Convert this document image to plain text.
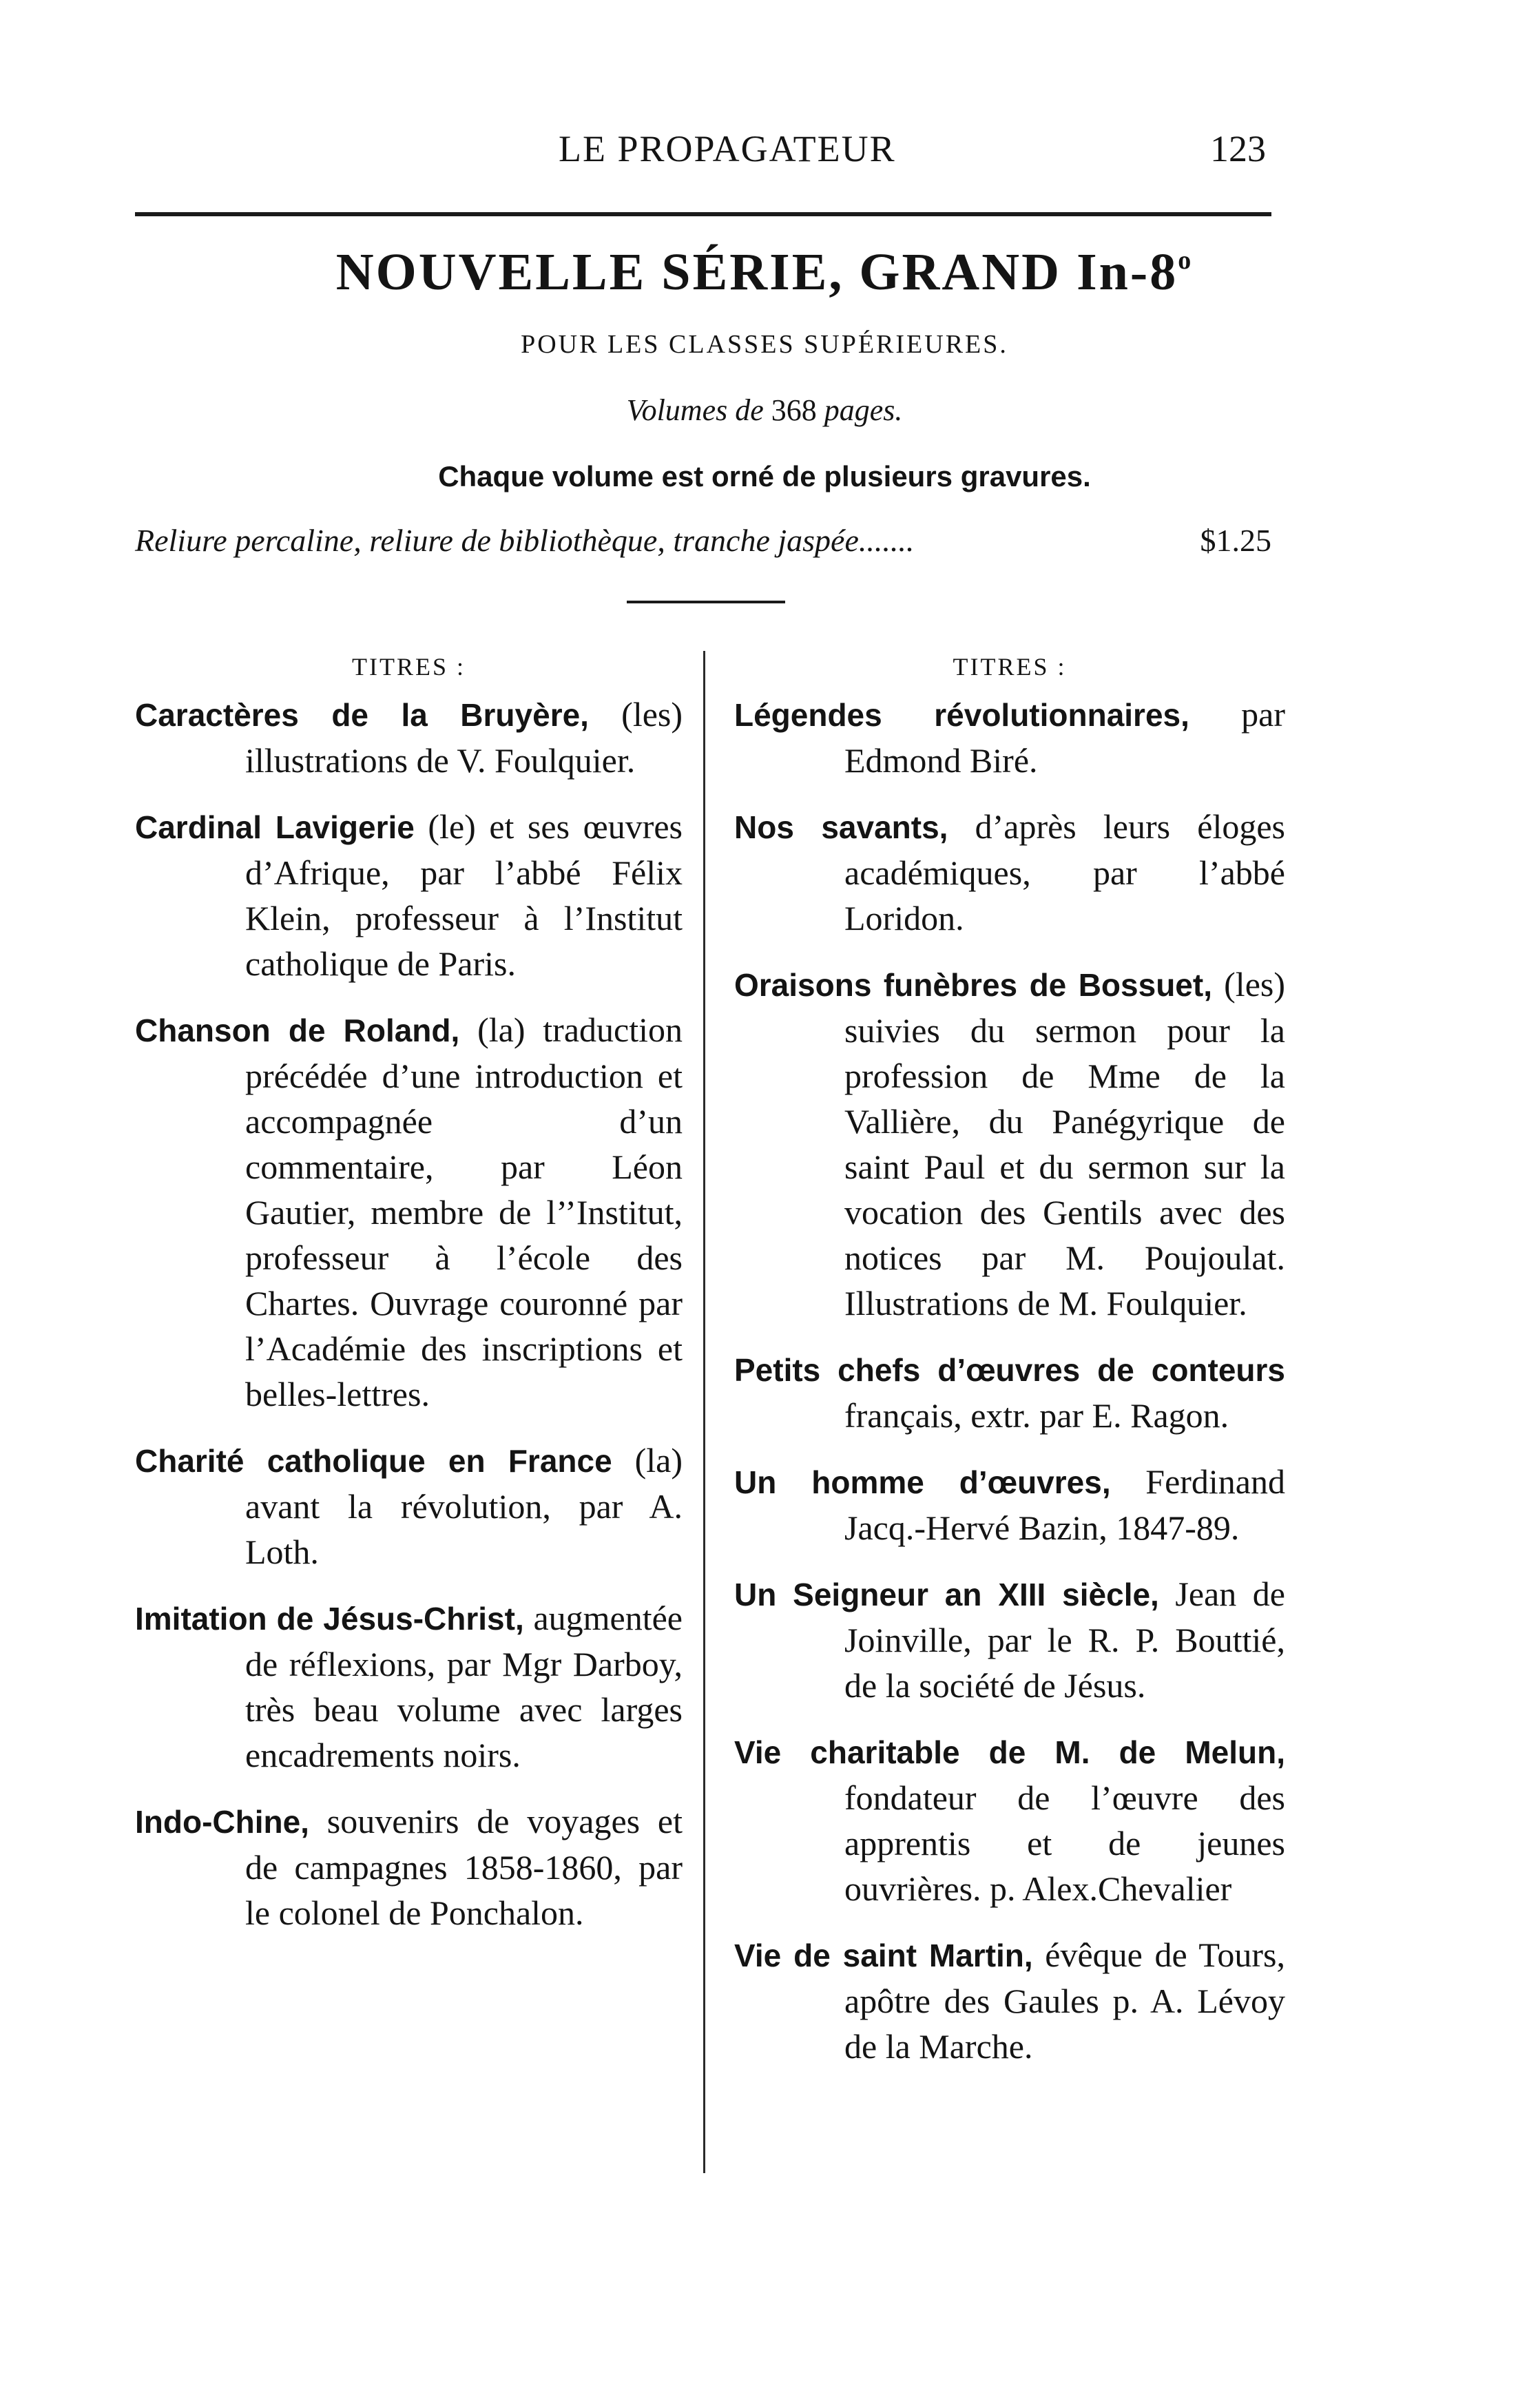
LE PROPAGATEUR	123
NOUVELLE SÉRIE, GRAND In-8$^o$
POUR LES CLASSES SUPÉRIEURES.
Volumes de 368 pages.
Chaque volume est orné de plusieurs gravures.
Reliure percaline, reliure de bibliothèque, tranche jaspée.......	$1.25
TITRES :
Caractères de la Bruyère, (les) illustrations de V. Foulquier.
Cardinal Lavigerie (le) et ses œuvres d’Afrique, par l’abbé Félix Klein, professeur à l’Institut catholique de Paris.
Chanson de Roland, (la) traduction précédée d’une introduction et accompagnée d’un commentaire, par Léon Gautier, membre de l’’Institut, professeur à l’école des Chartes. Ouvrage couronné par l’Académie des inscriptions et belles-lettres.
Charité catholique en France (la) avant la révolution, par A. Loth.
Imitation de Jésus-Christ, augmentée de réflexions, par Mgr Darboy, très beau volume avec larges encadrements noirs.
Indo-Chine, souvenirs de voyages et de campagnes 1858-1860, par le colonel de Ponchalon.
TITRES :
Légendes révolutionnaires, par Edmond Biré.
Nos savants, d’après leurs éloges académiques, par l’abbé Loridon.
Oraisons funèbres de Bossuet, (les) suivies du sermon pour la profession de Mme de la Vallière, du Panégyrique de saint Paul et du sermon sur la vocation des Gentils avec des notices par M. Poujoulat. Illustrations de M. Foulquier.
Petits chefs d’œuvres de conteurs français, extr. par E. Ragon.
Un homme d’œuvres, Ferdinand Jacq.-Hervé Bazin, 1847-89.
Un Seigneur an XIII siècle, Jean de Joinville, par le R. P. Bouttié, de la société de Jésus.
Vie charitable de M. de Melun, fondateur de l’œuvre des apprentis et de jeunes ouvrières. p. Alex.Chevalier
Vie de saint Martin, évêque de Tours, apôtre des Gaules p. A. Lévoy de la Marche.
